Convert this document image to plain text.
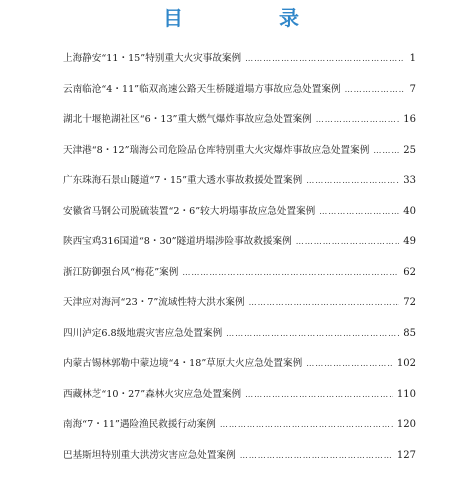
目　录
上海静安“11・15”特别重大火灾事故案例 ……………………………………………………………………………………………………………………………………………………………………	1
云南临沧“4・11”临双高速公路天生桥隧道塌方事故应急处置案例 ……………………………………………………………………………………………………………………………………………………………………	7
湖北十堰艳湖社区“6・13”重大燃气爆炸事故应急处置案例 ……………………………………………………………………………………………………………………………………………………………………	16
天津港“8・12”瑞海公司危险品仓库特别重大火灾爆炸事故应急处置案例 ……………………………………………………………………………………………………………………………………………………………………	25
广东珠海石景山隧道“7・15”重大透水事故救援处置案例 ……………………………………………………………………………………………………………………………………………………………………	33
安徽省马钢公司脱硫装置“2・6”较大坍塌事故应急处置案例 ……………………………………………………………………………………………………………………………………………………………………	40
陕西宝鸡316国道“8・30”隧道坍塌涉险事故救援案例 ……………………………………………………………………………………………………………………………………………………………………	49
浙江防御强台风“梅花”案例 ……………………………………………………………………………………………………………………………………………………………………	62
天津应对海河“23・7”流域性特大洪水案例 ……………………………………………………………………………………………………………………………………………………………………	72
四川泸定6.8级地震灾害应急处置案例 ……………………………………………………………………………………………………………………………………………………………………	85
内蒙古锡林郭勒中蒙边境“4・18”草原大火应急处置案例 ……………………………………………………………………………………………………………………………………………………………………	102
西藏林芝“10・27”森林火灾应急处置案例 ……………………………………………………………………………………………………………………………………………………………………	110
南海“7・11”遇险渔民救援行动案例 ……………………………………………………………………………………………………………………………………………………………………	120
巴基斯坦特别重大洪涝灾害应急处置案例 ……………………………………………………………………………………………………………………………………………………………………	127
